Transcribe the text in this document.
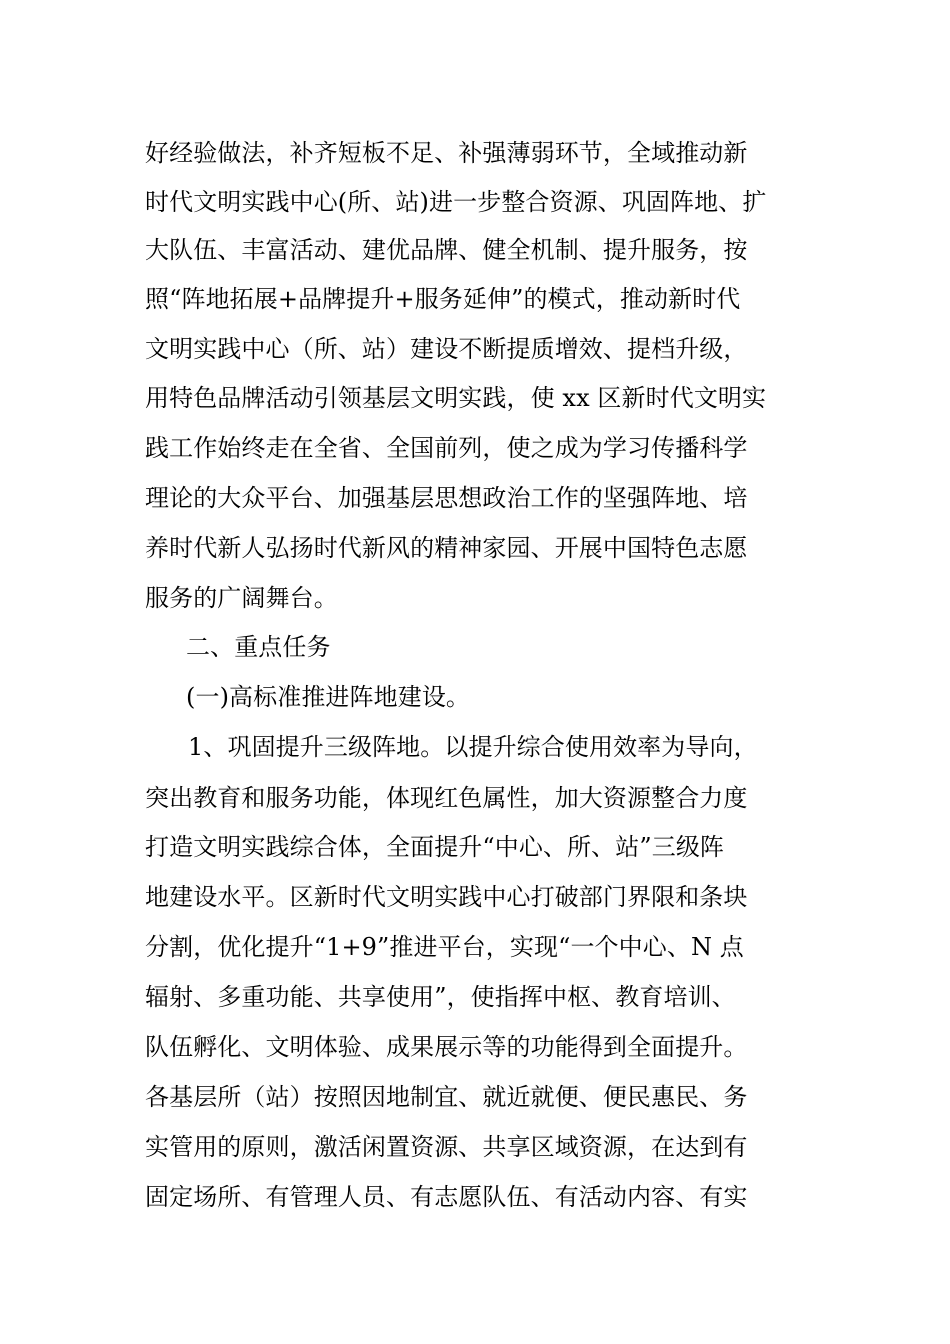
好经验做法，补齐短板不足、补强薄弱环节，全域推动新
时代文明实践中心(所、站)进一步整合资源、巩固阵地、扩
大队伍、丰富活动、建优品牌、健全机制、提升服务，按
照“阵地拓展+品牌提升+服务延伸”的模式，推动新时代
文明实践中心（所、站）建设不断提质增效、提档升级，
用特色品牌活动引领基层文明实践，使 xx 区新时代文明实
践工作始终走在全省、全国前列，使之成为学习传播科学
理论的大众平台、加强基层思想政治工作的坚强阵地、培
养时代新人弘扬时代新风的精神家园、开展中国特色志愿
服务的广阔舞台。
二、重点任务
(一)高标准推进阵地建设。
1、巩固提升三级阵地。以提升综合使用效率为导向，
突出教育和服务功能，体现红色属性，加大资源整合力度
打造文明实践综合体，全面提升“中心、所、站”三级阵
地建设水平。区新时代文明实践中心打破部门界限和条块
分割，优化提升“1+9”推进平台，实现“一个中心、N 点
辐射、多重功能、共享使用”，使指挥中枢、教育培训、
队伍孵化、文明体验、成果展示等的功能得到全面提升。
各基层所（站）按照因地制宜、就近就便、便民惠民、务
实管用的原则，激活闲置资源、共享区域资源，在达到有
固定场所、有管理人员、有志愿队伍、有活动内容、有实
